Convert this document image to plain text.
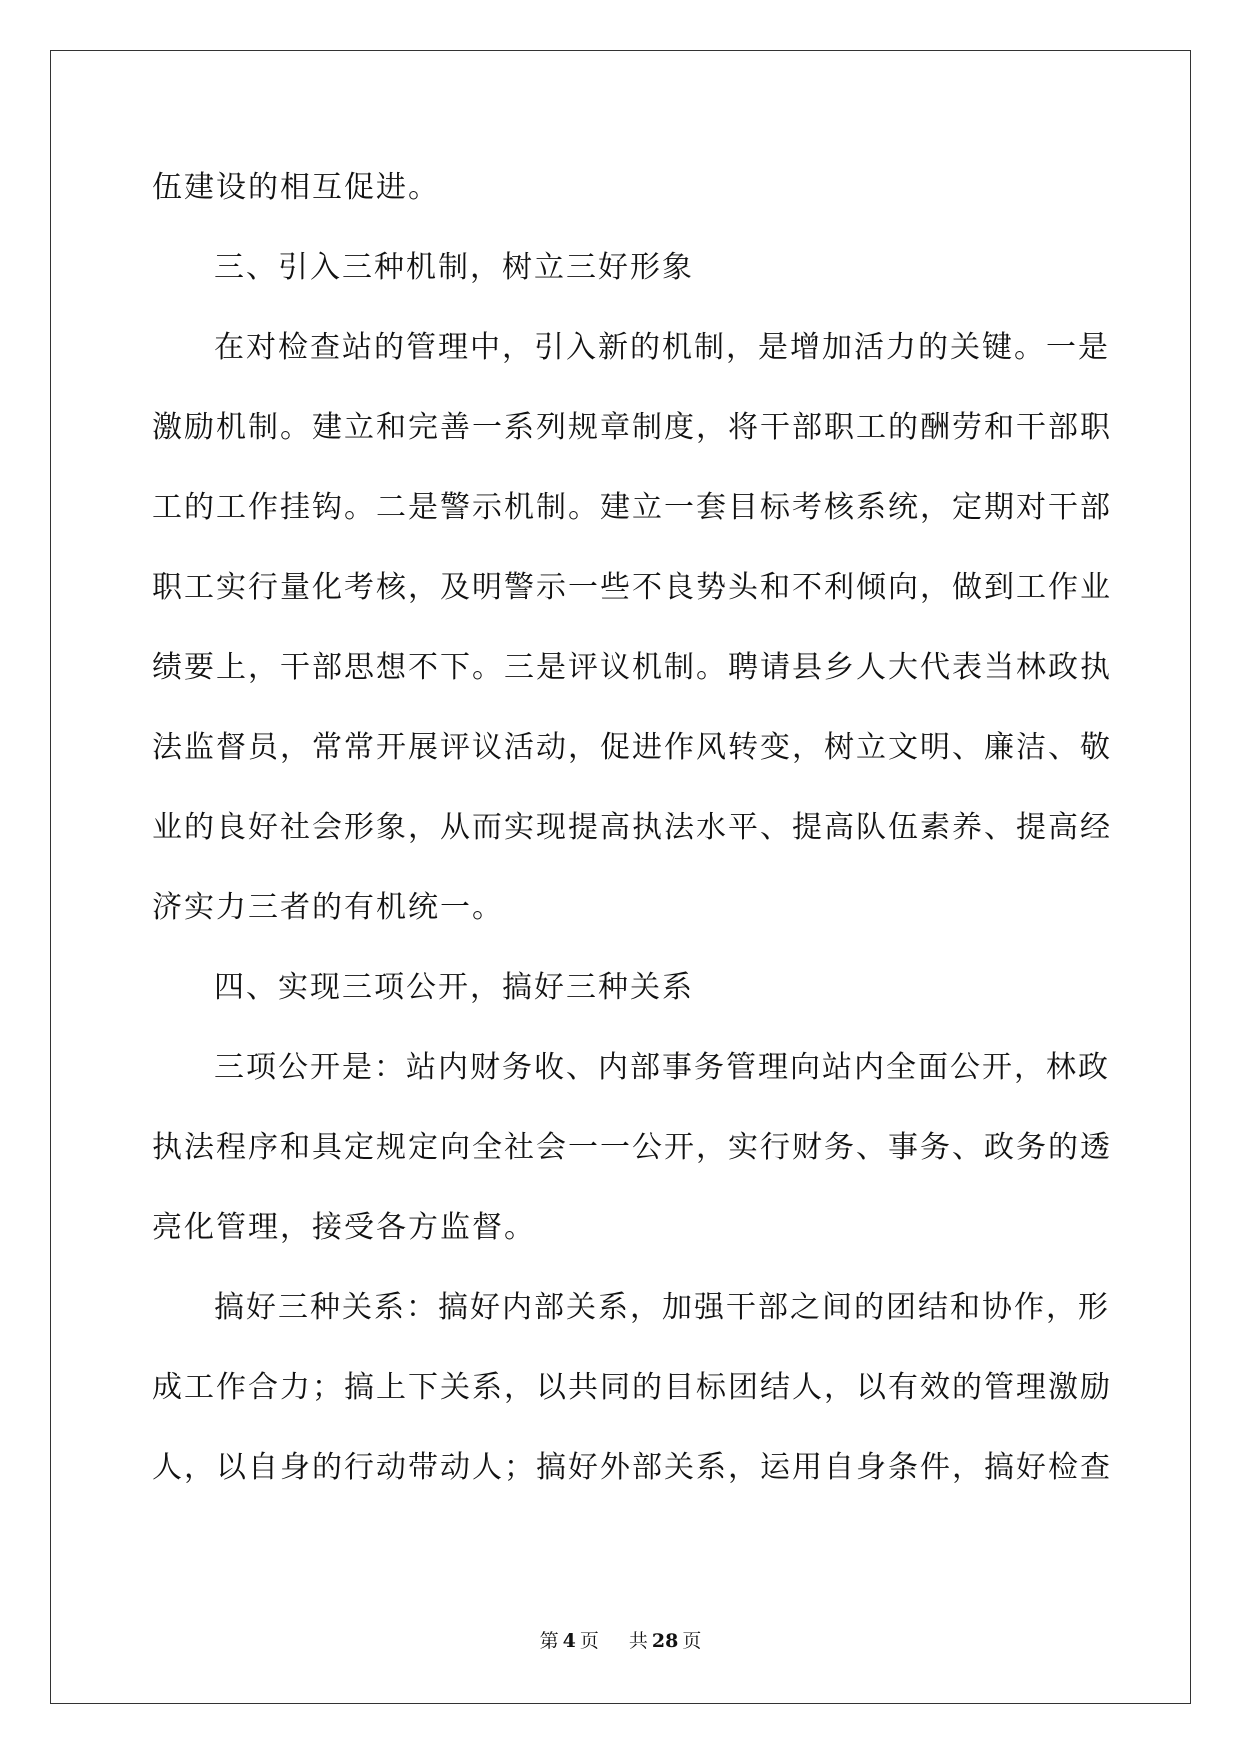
伍建设的相互促进。
三、引入三种机制，树立三好形象
在对检查站的管理中，引入新的机制，是增加活力的关键。一是
激励机制。建立和完善一系列规章制度，将干部职工的酬劳和干部职
工的工作挂钩。二是警示机制。建立一套目标考核系统，定期对干部
职工实行量化考核，及明警示一些不良势头和不利倾向，做到工作业
绩要上，干部思想不下。三是评议机制。聘请县乡人大代表当林政执
法监督员，常常开展评议活动，促进作风转变，树立文明、廉洁、敬
业的良好社会形象，从而实现提高执法水平、提高队伍素养、提高经
济实力三者的有机统一。
四、实现三项公开，搞好三种关系
三项公开是：站内财务收、内部事务管理向站内全面公开，林政
执法程序和具定规定向全社会一一公开，实行财务、事务、政务的透
亮化管理，接受各方监督。
搞好三种关系：搞好内部关系，加强干部之间的团结和协作，形
成工作合力；搞上下关系，以共同的目标团结人，以有效的管理激励
人，以自身的行动带动人；搞好外部关系，运用自身条件，搞好检查
第 4 页 共 28 页
